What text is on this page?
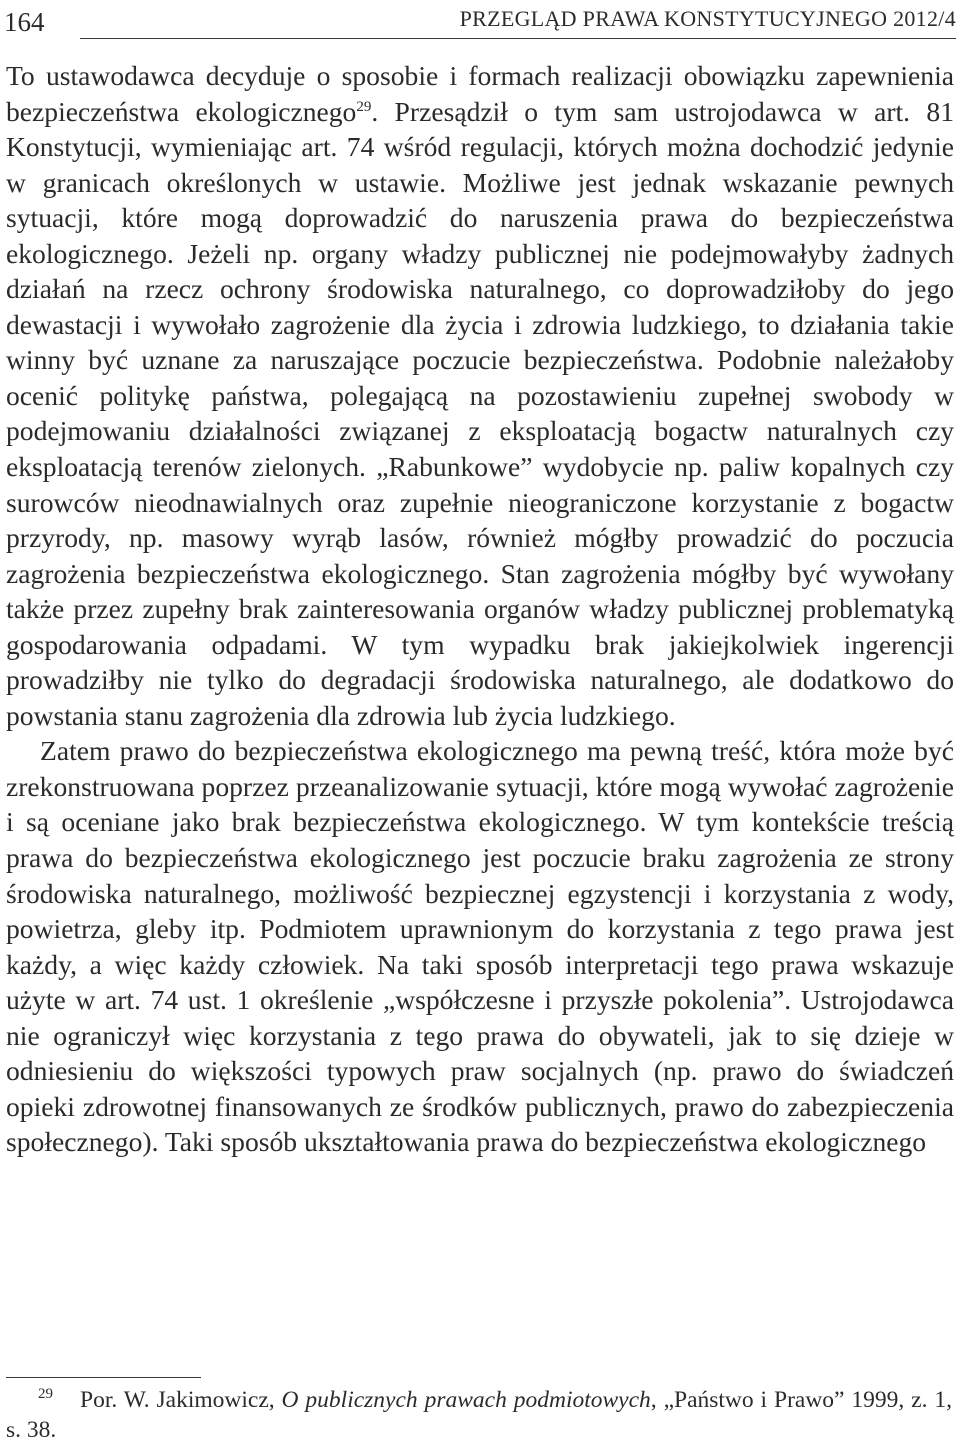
164	PRZEGLĄD PRAWA KONSTYTUCYJNEGO 2012/4

To ustawodawca decyduje o sposobie i formach realizacji obowiązku zapewnienia bezpieczeństwa ekologicznego$^{29}$. Przesądził o tym sam ustrojodawca w art. 81 Konstytucji, wymieniając art. 74 wśród regulacji, których można dochodzić jedynie w granicach określonych w ustawie. Możliwe jest jednak wskazanie pewnych sytuacji, które mogą doprowadzić do naruszenia prawa do bezpieczeństwa ekologicznego. Jeżeli np. organy władzy publicznej nie podejmowałyby żadnych działań na rzecz ochrony środowiska naturalnego, co doprowadziłoby do jego dewastacji i wywołało zagrożenie dla życia i zdrowia ludzkiego, to działania takie winny być uznane za naruszające poczucie bezpieczeństwa. Podobnie należałoby ocenić politykę państwa, polegającą na pozostawieniu zupełnej swobody w podejmowaniu działalności związanej z eksploatacją bogactw naturalnych czy eksploatacją terenów zielonych. „Rabunkowe” wydobycie np. paliw kopalnych czy surowców nieodnawialnych oraz zupełnie nieograniczone korzystanie z bogactw przyrody, np. masowy wyrąb lasów, również mógłby prowadzić do poczucia zagrożenia bezpieczeństwa ekologicznego. Stan zagrożenia mógłby być wywołany także przez zupełny brak zainteresowania organów władzy publicznej problematyką gospodarowania odpadami. W tym wypadku brak jakiejkolwiek ingerencji prowadziłby nie tylko do degradacji środowiska naturalnego, ale dodatkowo do powstania stanu zagrożenia dla zdrowia lub życia ludzkiego.

Zatem prawo do bezpieczeństwa ekologicznego ma pewną treść, która może być zrekonstruowana poprzez przeanalizowanie sytuacji, które mogą wywołać zagrożenie i są oceniane jako brak bezpieczeństwa ekologicznego. W tym kontekście treścią prawa do bezpieczeństwa ekologicznego jest poczucie braku zagrożenia ze strony środowiska naturalnego, możliwość bezpiecznej egzystencji i korzystania z wody, powietrza, gleby itp. Podmiotem uprawnionym do korzystania z tego prawa jest każdy, a więc każdy człowiek. Na taki sposób interpretacji tego prawa wskazuje użyte w art. 74 ust. 1 określenie „współczesne i przyszłe pokolenia”. Ustrojodawca nie ograniczył więc korzystania z tego prawa do obywateli, jak to się dzieje w odniesieniu do większości typowych praw socjalnych (np. prawo do świadczeń opieki zdrowotnej finansowanych ze środków publicznych, prawo do zabezpieczenia społecznego). Taki sposób ukształtowania prawa do bezpieczeństwa ekologicznego

29 Por. W. Jakimowicz, O publicznych prawach podmiotowych, „Państwo i Prawo” 1999, z. 1, s. 38.
